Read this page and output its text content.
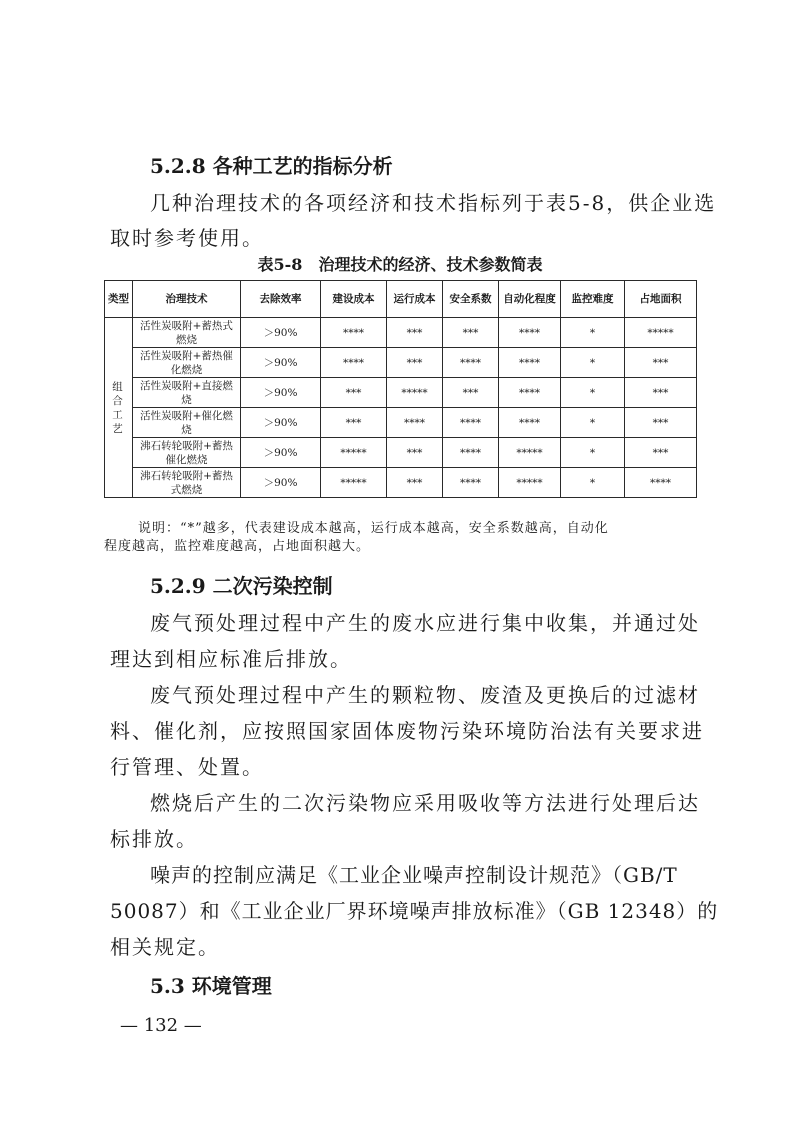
5.2.8 各种工艺的指标分析
几种治理技术的各项经济和技术指标列于表5-8，供企业选
取时参考使用。
表5-8　治理技术的经济、技术参数简表
类型	治理技术	去除效率	建设成本	运行成本	安全系数	自动化程度	监控难度	占地面积
组合工艺	活性炭吸附+蓄热式燃烧	＞90%	****	***	***	****	*	*****
	活性炭吸附+蓄热催化燃烧	＞90%	****	***	****	****	*	***
	活性炭吸附+直接燃烧	＞90%	***	*****	***	****	*	***
	活性炭吸附+催化燃烧	＞90%	***	****	****	****	*	***
	沸石转轮吸附+蓄热催化燃烧	＞90%	*****	***	****	*****	*	***
	沸石转轮吸附+蓄热式燃烧	＞90%	*****	***	****	*****	*	****
说明：“*”越多，代表建设成本越高，运行成本越高，安全系数越高，自动化
程度越高，监控难度越高，占地面积越大。
5.2.9 二次污染控制
废气预处理过程中产生的废水应进行集中收集，并通过处
理达到相应标准后排放。
废气预处理过程中产生的颗粒物、废渣及更换后的过滤材
料、催化剂，应按照国家固体废物污染环境防治法有关要求进
行管理、处置。
燃烧后产生的二次污染物应采用吸收等方法进行处理后达
标排放。
噪声的控制应满足《工业企业噪声控制设计规范》（GB/T
50087）和《工业企业厂界环境噪声排放标准》（GB 12348）的
相关规定。
5.3 环境管理
— 132 —
